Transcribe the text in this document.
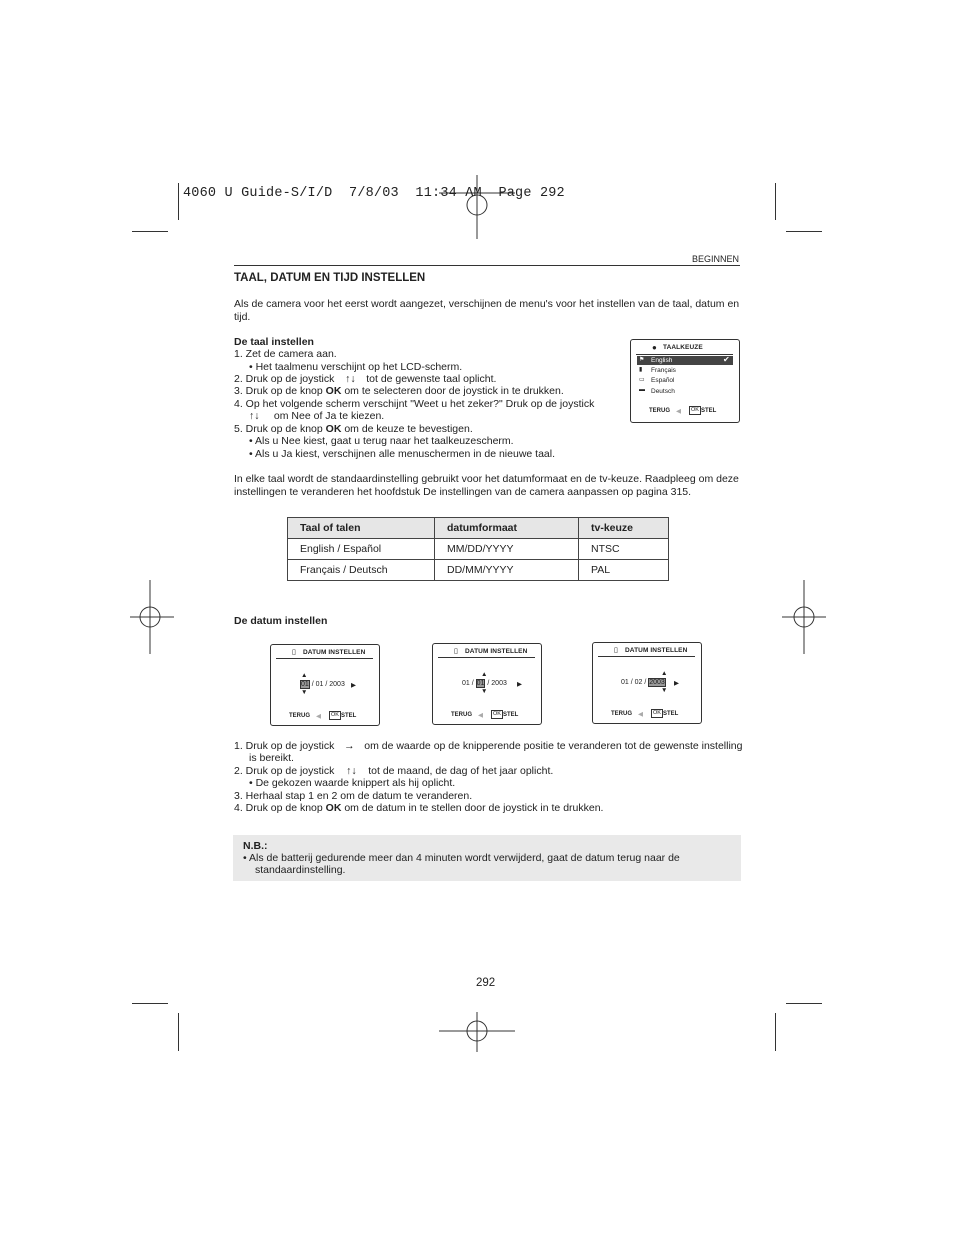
4060 U Guide-S/I/D  7/8/03  11:34 AM  Page 292
BEGINNEN
TAAL, DATUM EN TIJD INSTELLEN
Als de camera voor het eerst wordt aangezet, verschijnen de menu's voor het instellen van de taal, datum en
tijd.
De taal instellen
1. Zet de camera aan.
• Het taalmenu verschijnt op het LCD-scherm.
2. Druk op de joystick ↑↓ tot de gewenste taal oplicht.
3. Druk op de knop OK om te selecteren door de joystick in te drukken.
4. Op het volgende scherm verschijnt "Weet u het zeker?" Druk op de joystick
↑↓ om Nee of Ja te kiezen.
5. Druk op de knop OK om de keuze te bevestigen.
• Als u Nee kiest, gaat u terug naar het taalkeuzescherm.
• Als u Ja kiest, verschijnen alle menuschermen in de nieuwe taal.
● TAALKEUZE
⚑ English	✔
▮ Français
▭ Español
▬ Deutsch
TERUG ◀	OK STEL
In elke taal wordt de standaardinstelling gebruikt voor het datumformaat en de tv-keuze. Raadpleeg om deze
instellingen te veranderen het hoofdstuk De instellingen van de camera aanpassen op pagina 315.
Taal of talen	datumformaat	tv-keuze
English / Español	MM/DD/YYYY	NTSC
Français / Deutsch	DD/MM/YYYY	PAL
De datum instellen
▯ DATUM INSTELLEN
▲
01 / 01 / 2003 ▶
▼
TERUG ◀	OK STEL
▯ DATUM INSTELLEN
▲
01 / 01 / 2003 ▶
▼
TERUG ◀	OK STEL
▯ DATUM INSTELLEN
▲
01 / 02 / 2003 ▶
▼
TERUG ◀	OK STEL
1. Druk op de joystick → om de waarde op de knipperende positie te veranderen tot de gewenste instelling
is bereikt.
2. Druk op de joystick ↑↓ tot de maand, de dag of het jaar oplicht.
• De gekozen waarde knippert als hij oplicht.
3. Herhaal stap 1 en 2 om de datum te veranderen.
4. Druk op de knop OK om de datum in te stellen door de joystick in te drukken.
N.B.:
• Als de batterij gedurende meer dan 4 minuten wordt verwijderd, gaat de datum terug naar de
standaardinstelling.
292
